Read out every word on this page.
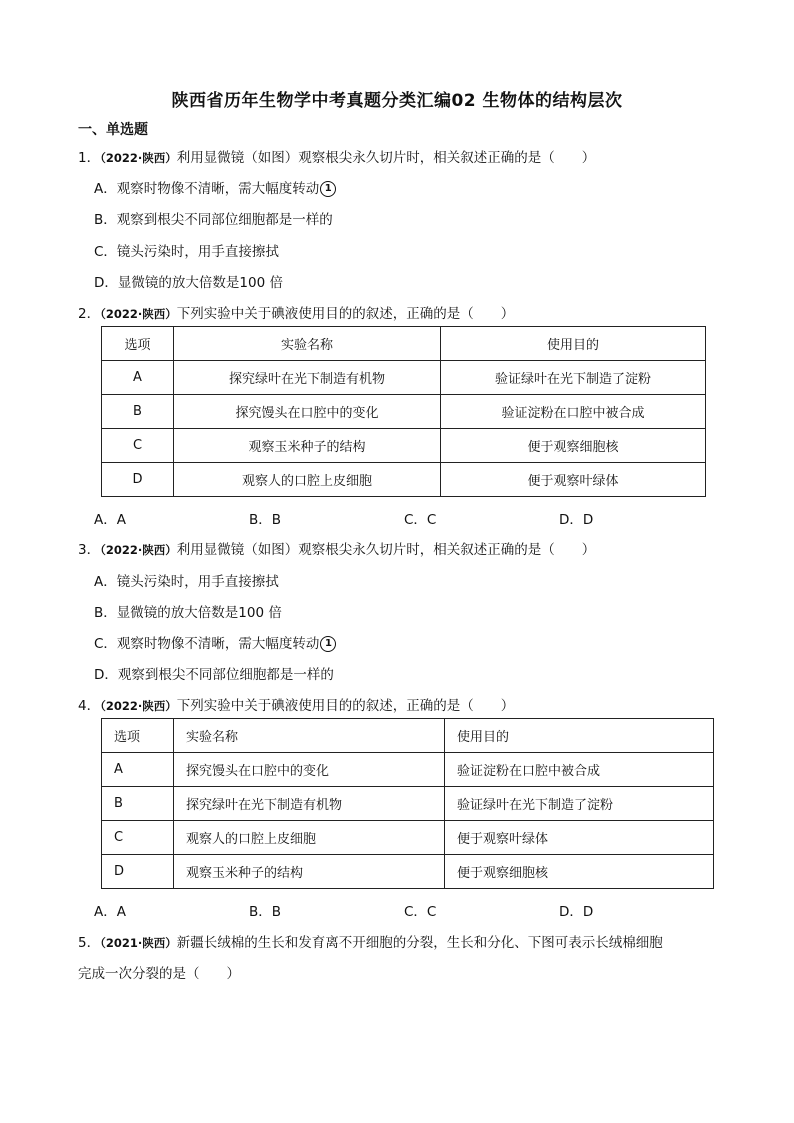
陕西省历年生物学中考真题分类汇编02 生物体的结构层次
一、单选题
1．（2022·陕西）利用显微镜（如图）观察根尖永久切片时，相关叙述正确的是（　　）
A．观察时物像不清晰，需大幅度转动 1
B．观察到根尖不同部位细胞都是一样的
C．镜头污染时，用手直接擦拭
D．显微镜的放大倍数是100 倍
2．（2022·陕西）下列实验中关于碘液使用目的的叙述，正确的是（　　）
选项	实验名称	使用目的
A	探究绿叶在光下制造有机物	验证绿叶在光下制造了淀粉
B	探究馒头在口腔中的变化	验证淀粉在口腔中被合成
C	观察玉米种子的结构	便于观察细胞核
D	观察人的口腔上皮细胞	便于观察叶绿体
A．A	B．B	C．C	D．D
3．（2022·陕西）利用显微镜（如图）观察根尖永久切片时，相关叙述正确的是（　　）
A．镜头污染时，用手直接擦拭
B．显微镜的放大倍数是100 倍
C．观察时物像不清晰，需大幅度转动 1
D．观察到根尖不同部位细胞都是一样的
4．（2022·陕西）下列实验中关于碘液使用目的的叙述，正确的是（　　）
选项	实验名称	使用目的
A	探究馒头在口腔中的变化	验证淀粉在口腔中被合成
B	探究绿叶在光下制造有机物	验证绿叶在光下制造了淀粉
C	观察人的口腔上皮细胞	便于观察叶绿体
D	观察玉米种子的结构	便于观察细胞核
A．A	B．B	C．C	D．D
5．（2021·陕西）新疆长绒棉的生长和发育离不开细胞的分裂，生长和分化、下图可表示长绒棉细胞
完成一次分裂的是（　　）
